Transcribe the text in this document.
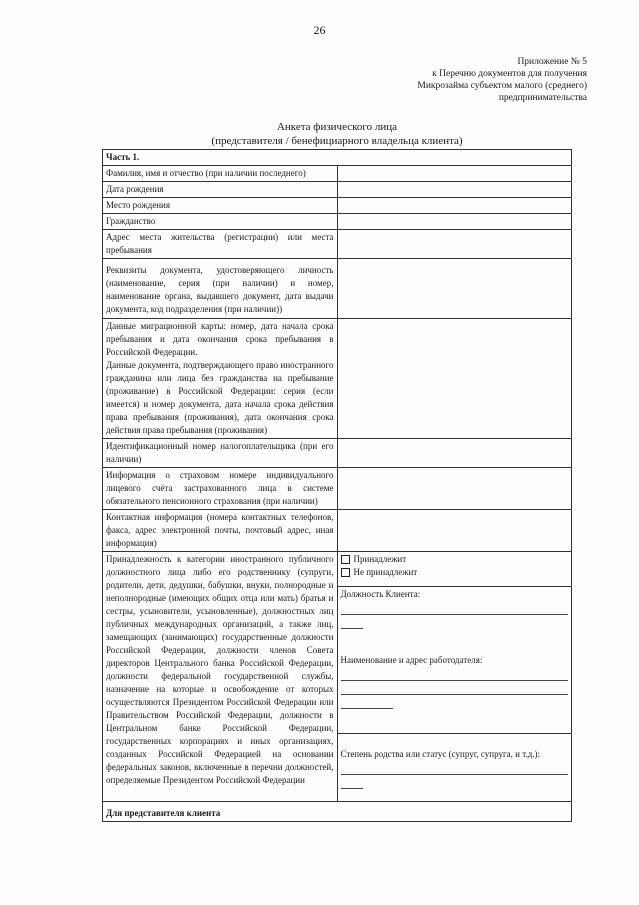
26
Приложение № 5
к Перечню документов для получения
Микрозайма субъектом малого (среднего)
предпринимательства
Анкета физического лица
(представителя / бенефициарного владельца клиента)
Часть 1.	
Фамилия, имя и отчество (при наличии последнего)	
Дата рождения	
Место рождения	
Гражданство	
Адрес места жительства (регистрации) или места пребывания	

Реквизиты документа, удостоверяющего личность (наименование, серия (при наличии) и номер, наименование органа, выдавшего документ, дата выдачи документа, код подразделения (при наличии))	

Данные миграционной карты: номер, дата начала срока пребывания и дата окончания срока пребывания в Российской Федерации.
Данные документа, подтверждающего право иностранного гражданина или лица без гражданства на пребывание (проживание) в Российской Федерации: серия (если имеется) и номер документа, дата начала срока действия права пребывания (проживания), дата окончания срока действия права пребывания (проживания)	

Идентификационный номер налогоплательщика (при его наличии)	
Информация о страховом номере индивидуального лицевого счёта застрахованного лица в системе обязательного пенсионного страхования (при наличии)	
Контактная информация (номера контактных телефонов, факса, адрес электронной почты, почтовый адрес, иная информация)	

Принадлежность к категории иностранного публичного должностного лица либо его родственнику (супруги, родители, дети, дедушки, бабушки, внуки, полнородные и неполнородные (имеющих общих отца или мать) братья и сестры, усыновители, усыновленные), должностных лиц публичных международных организаций, а также лиц, замещающих (занимающих) государственные должности Российской Федерации, должности членов Совета директоров Центрального банка Российской Федерации, должности федеральной государственной службы, назначение на которые и освобождение от которых осуществляются Президентом Российской Федерации или Правительством Российской Федерации, должности в Центральном банке Российской Федерации, государственных корпорациях и иных организациях, созданных Российской Федерацией на основании федеральных законов, включенные в перечни должностей, определяемые Президентом Российской Федерации	Принадлежит
Не принадлежит

	Должность Клиента:
Наименование и адрес работодателя:

	Степень родства или статус (супруг, супруга, и т.д.):

Для представителя клиента	
